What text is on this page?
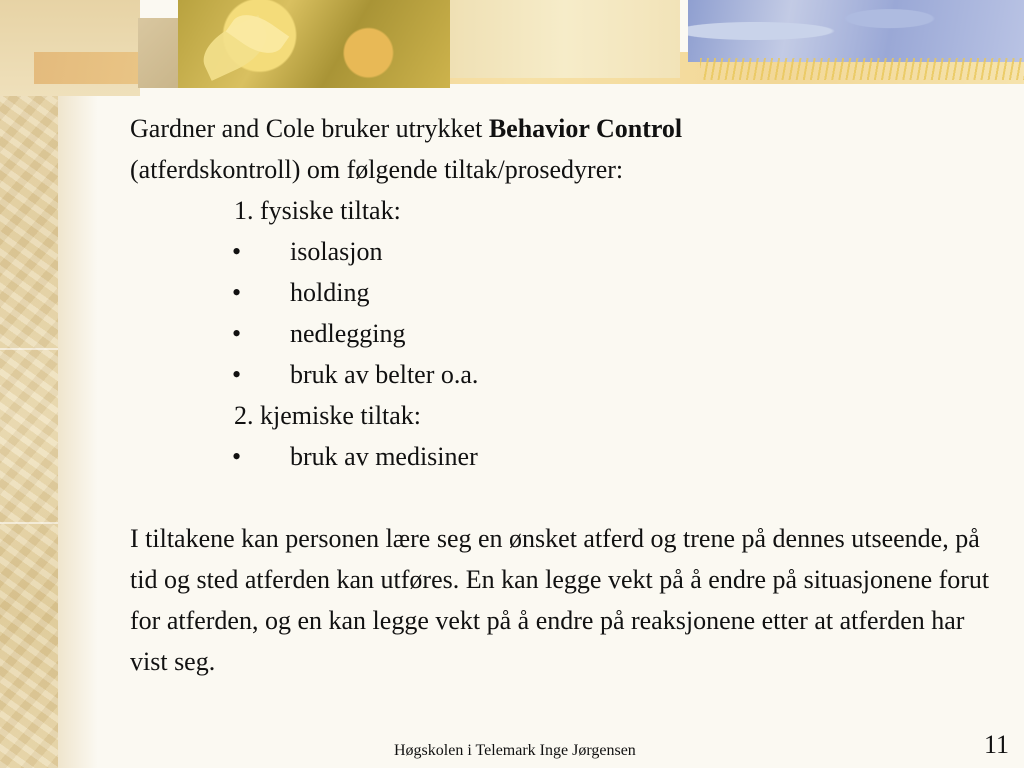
Gardner and Cole bruker utrykket Behavior Control

(atferdskontroll) om følgende tiltak/prosedyrer:

1. fysiske tiltak:

•	isolasjon
•	holding
•	nedlegging
•	bruk av belter o.a.

2. kjemiske tiltak:

•	bruk av medisiner

I tiltakene kan personen lære seg en ønsket atferd og trene på dennes utseende, på tid og sted atferden kan utføres. En kan legge vekt på å endre på situasjonene forut for atferden, og en kan legge vekt på å endre på reaksjonene etter at atferden har vist seg.

Høgskolen i Telemark Inge Jørgensen	11
